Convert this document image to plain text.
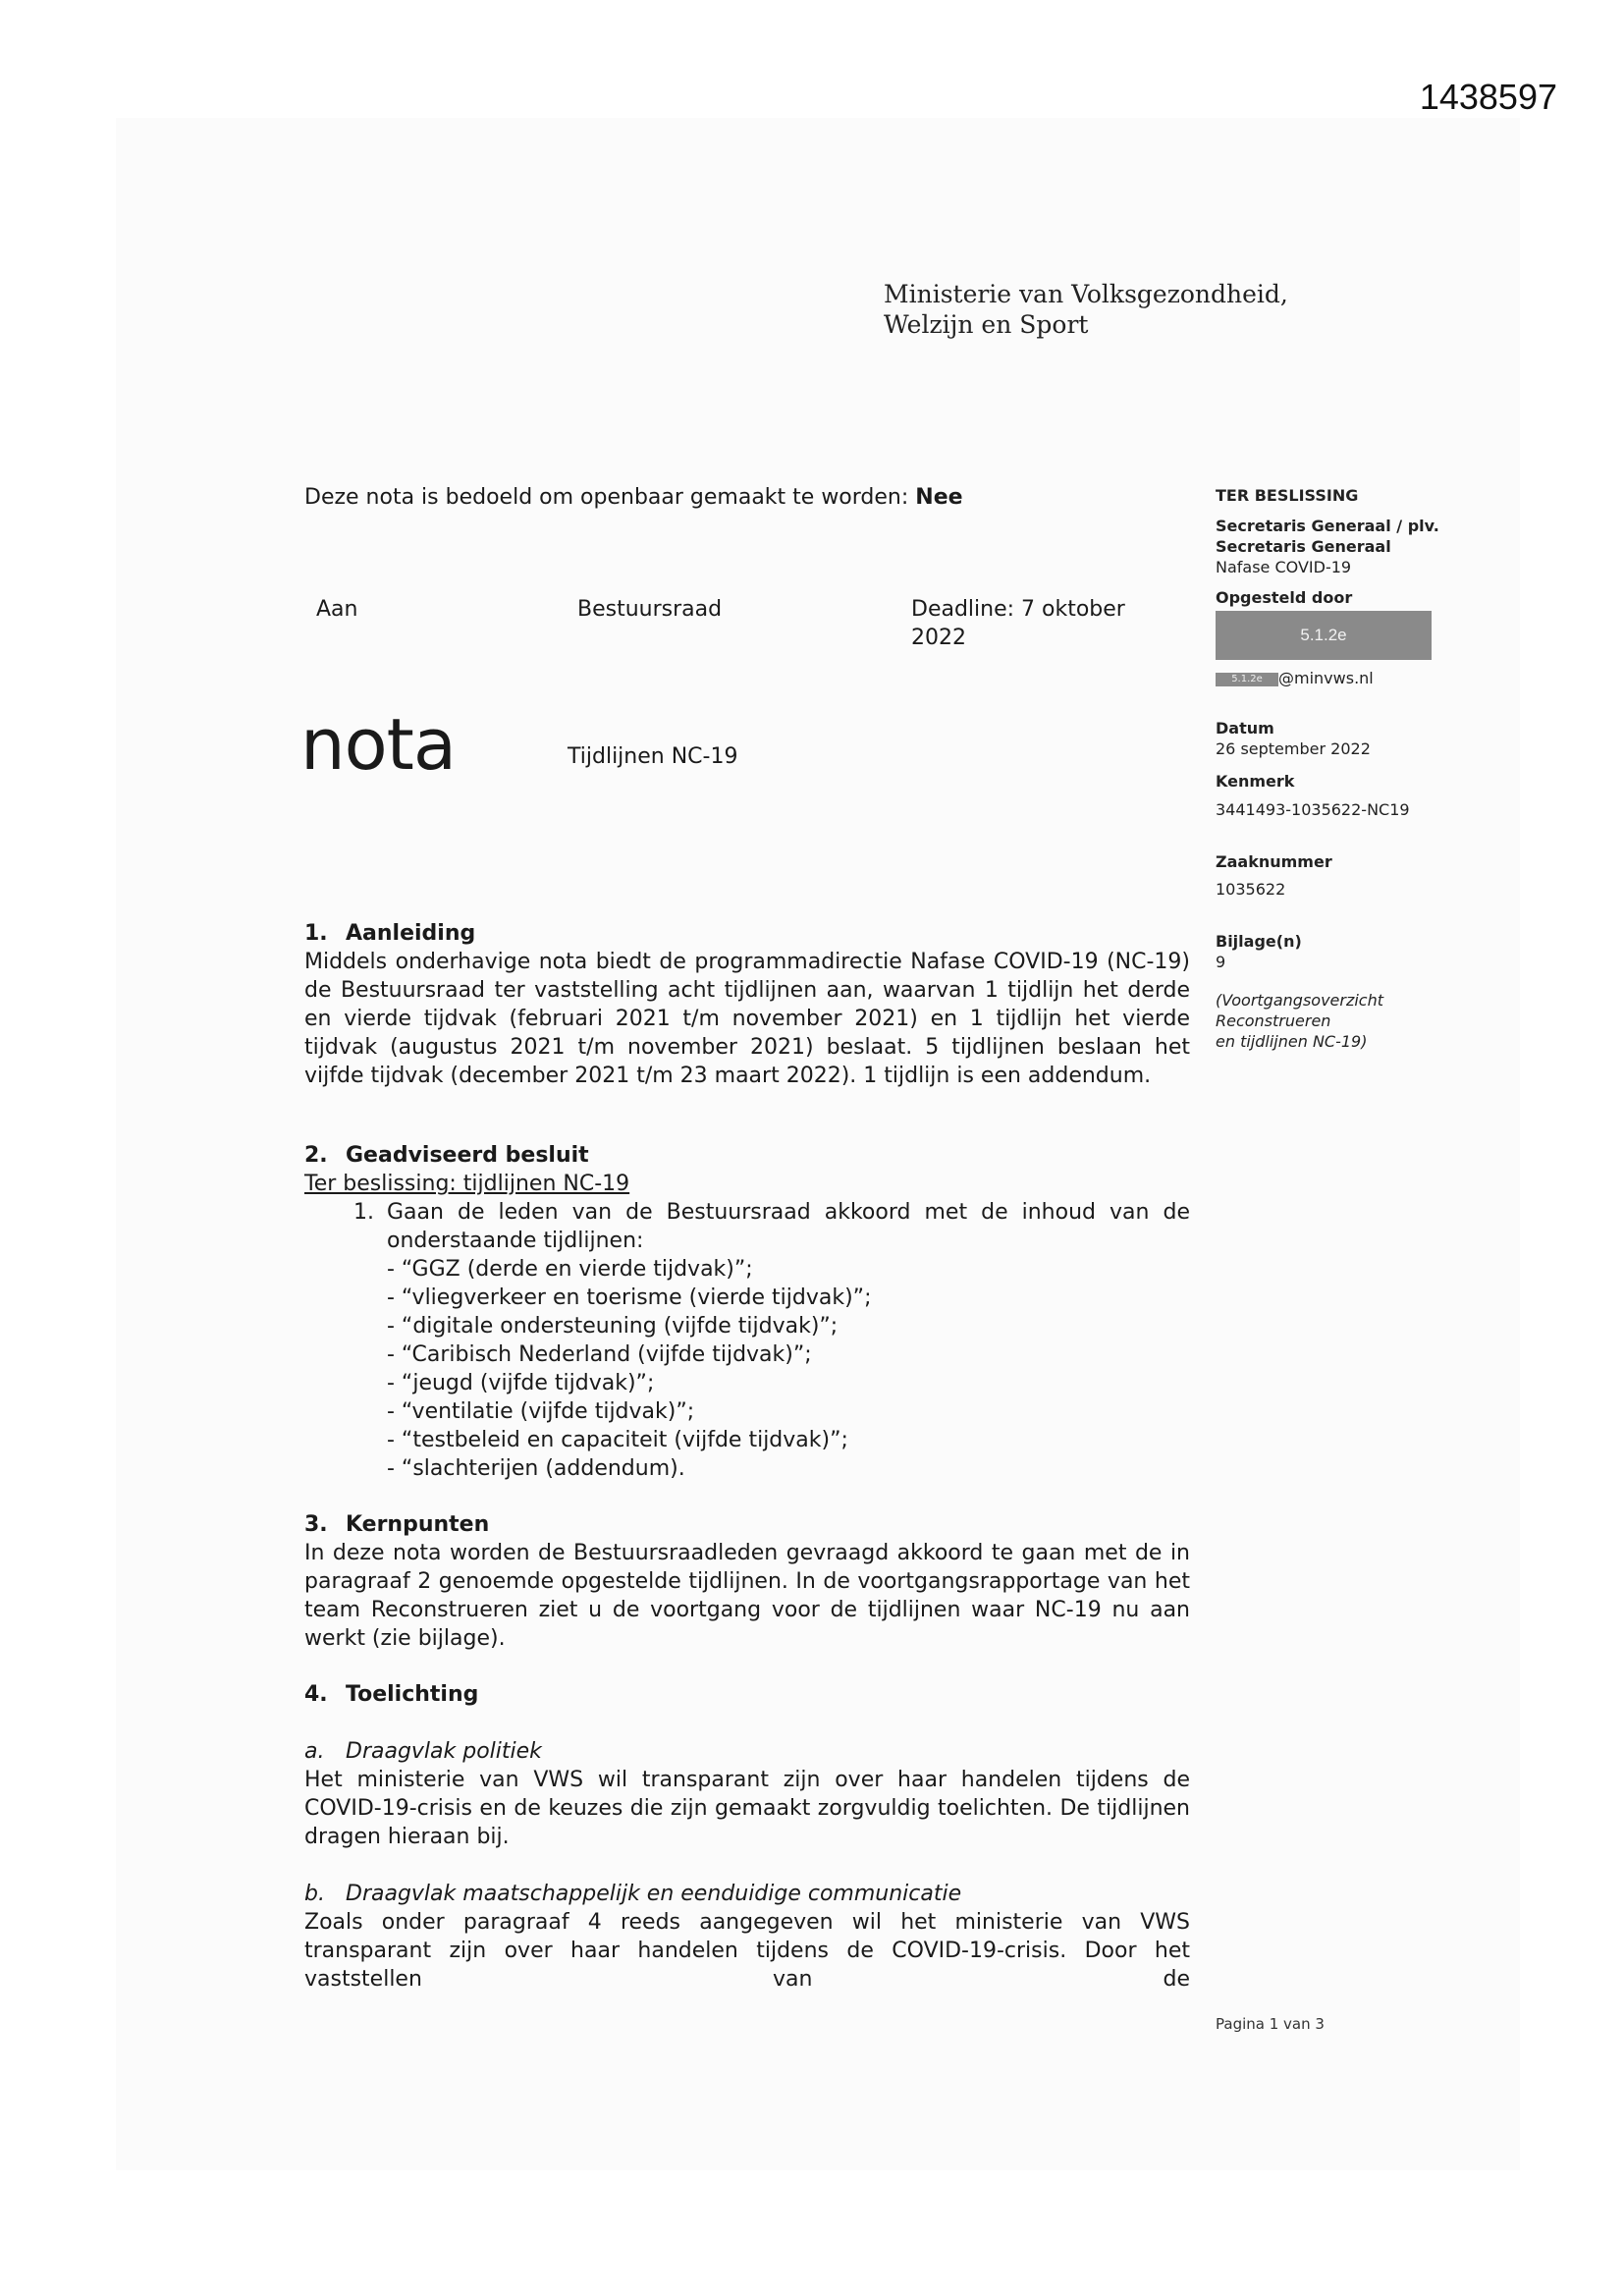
1438597
Ministerie van Volksgezondheid,
Welzijn en Sport
Deze nota is bedoeld om openbaar gemaakt te worden: Nee
Aan	Bestuursraad	Deadline: 7 oktober
2022
nota	Tijdlijnen NC-19
TER BESLISSING
Secretaris Generaal / plv.
Secretaris Generaal
Nafase COVID-19
Opgesteld door
5.1.2e
5.1.2e @minvws.nl
Datum
26 september 2022
Kenmerk
3441493-1035622-NC19
Zaaknummer
1035622
Bijlage(n)
9
(Voortgangsoverzicht
Reconstrueren
en tijdlijnen NC-19)

1. Aanleiding

Middels onderhavige nota biedt de programmadirectie Nafase COVID-19 (NC-19) de Bestuursraad ter vaststelling acht tijdlijnen aan, waarvan 1 tijdlijn het derde en vierde tijdvak (februari 2021 t/m november 2021) en 1 tijdlijn het vierde tijdvak (augustus 2021 t/m november 2021) beslaat. 5 tijdlijnen beslaan het vijfde tijdvak (december 2021 t/m 23 maart 2022). 1 tijdlijn is een addendum.

2. Geadviseerd besluit

Ter beslissing: tijdlijnen NC-19

1. Gaan de leden van de Bestuursraad akkoord met de inhoud van de onderstaande tijdlijnen:
- “GGZ (derde en vierde tijdvak)”;
- “vliegverkeer en toerisme (vierde tijdvak)”;
- “digitale ondersteuning (vijfde tijdvak)”;
- “Caribisch Nederland (vijfde tijdvak)”;
- “jeugd (vijfde tijdvak)”;
- “ventilatie (vijfde tijdvak)”;
- “testbeleid en capaciteit (vijfde tijdvak)”;
- “slachterijen (addendum).

3. Kernpunten

In deze nota worden de Bestuursraadleden gevraagd akkoord te gaan met de in paragraaf 2 genoemde opgestelde tijdlijnen. In de voortgangsrapportage van het team Reconstrueren ziet u de voortgang voor de tijdlijnen waar NC-19 nu aan werkt (zie bijlage).

4. Toelichting

a. Draagvlak politiek

Het ministerie van VWS wil transparant zijn over haar handelen tijdens de COVID-19-crisis en de keuzes die zijn gemaakt zorgvuldig toelichten. De tijdlijnen dragen hieraan bij.

b. Draagvlak maatschappelijk en eenduidige communicatie

Zoals onder paragraaf 4 reeds aangegeven wil het ministerie van VWS transparant zijn over haar handelen tijdens de COVID-19-crisis. Door het vaststellen van de

Pagina 1 van 3
